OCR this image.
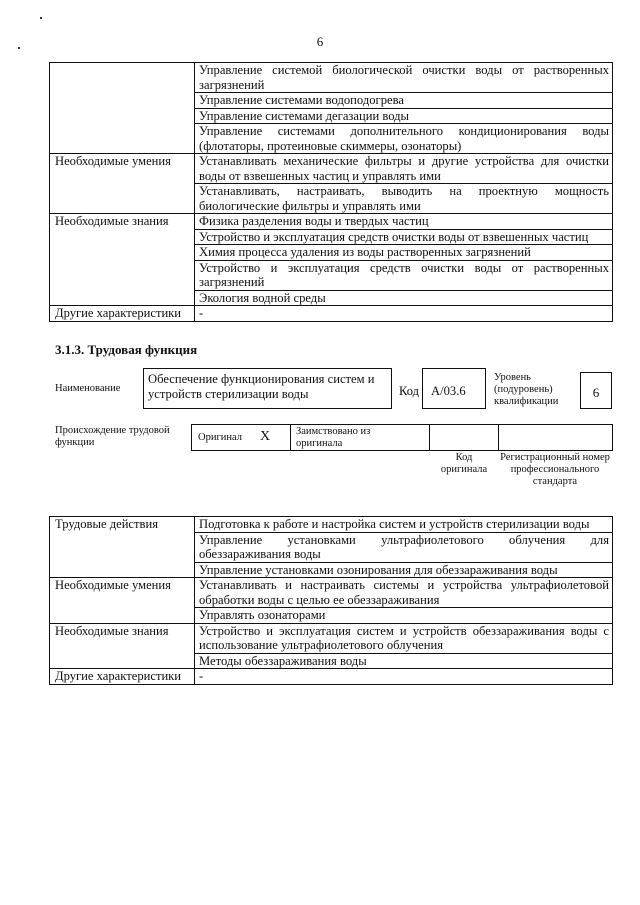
6
	Управление системой биологической очистки воды от растворенных загрязнений
	Управление системами водоподогрева
	Управление системами дегазации воды
	Управление системами дополнительного кондиционирования воды (флотаторы, протеиновые скиммеры, озонаторы)
Необходимые умения	Устанавливать механические фильтры и другие устройства для очистки воды от взвешенных частиц и управлять ими
	Устанавливать, настраивать, выводить на проектную мощность биологические фильтры и управлять ими
Необходимые знания	Физика разделения воды и твердых частиц
	Устройство и эксплуатация средств очистки воды от взвешенных частиц
	Химия процесса удаления из воды растворенных загрязнений
	Устройство и эксплуатация средств очистки воды от растворенных загрязнений
	Экология водной среды
Другие характеристики	-
3.1.3. Трудовая функция
Наименование
Обеспечение функционирования систем и устройств стерилизации воды	Код A/03.6
Уровень (подуровень) квалификации
6
Происхождение трудовой функции	Оригинал X Заимствовано из оригинала
Код оригинала
Регистрационный номер профессионального стандарта
Трудовые действия	Подготовка к работе и настройка систем и устройств стерилизации воды
	Управление установками ультрафиолетового облучения для обеззараживания воды
	Управление установками озонирования для обеззараживания воды
Необходимые умения	Устанавливать и настраивать системы и устройства ультрафиолетовой обработки воды с целью ее обеззараживания
	Управлять озонаторами
Необходимые знания	Устройство и эксплуатация систем и устройств обеззараживания воды с использование ультрафиолетового облучения
	Методы обеззараживания воды
Другие характеристики	-
